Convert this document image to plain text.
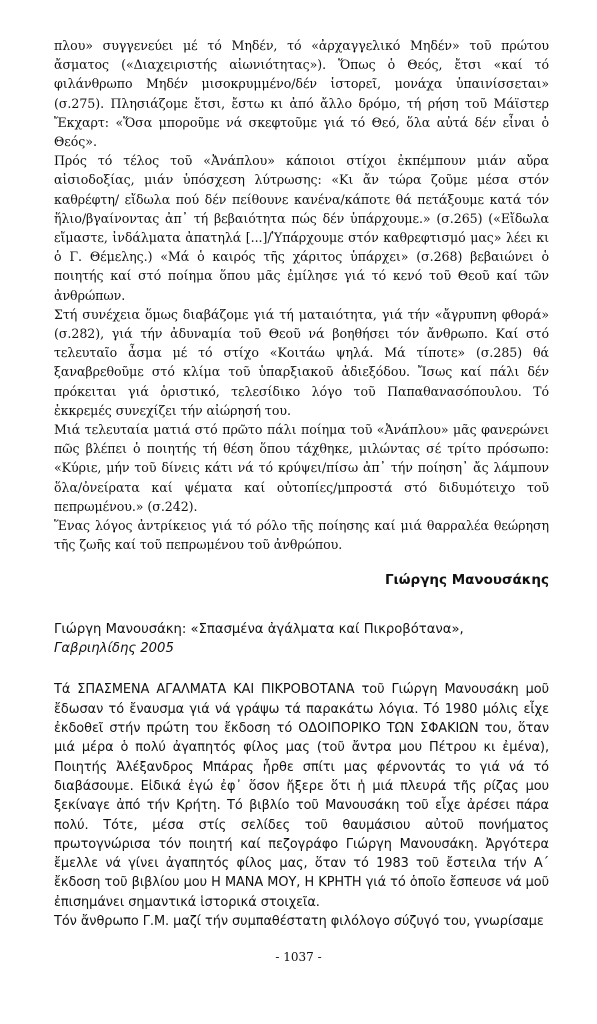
πλου» συγγενεύει μέ τό Μηδέν, τό «ἀρχαγγελικό Μηδέν» τοῦ πρώτου ἄσματος («Διαχειριστής αἰωνιότητας»). Ὅπως ὁ Θεός, ἔτσι «καί τό φιλάνθρωπο Μηδέν μισοκρυμμένο/δέν ἱστορεῖ, μονάχα ὑπαινίσσεται» (σ.275). Πλησιάζομε ἔτσι, ἔστω κι ἀπό ἄλλο δρόμο, τή ρήση τοῦ Μάϊστερ Ἔκχαρτ: «Ὅσα μποροῦμε νά σκεφτοῦμε γιά τό Θεό, ὅλα αὐτά δέν εἶναι ὁ Θεός».

Πρός τό τέλος τοῦ «Ἀνάπλου» κάποιοι στίχοι ἐκπέμπουν μιάν αὔρα αἰσιοδοξίας, μιάν ὑπόσχεση λύτρωσης: «Κι ἄν τώρα ζοῦμε μέσα στόν καθρέφτη/ εἴδωλα πού δέν πείθουνε κανένα/κάποτε θά πετάξουμε κατά τόν ἥλιο/βγαίνοντας ἀπ᾿ τή βεβαιότητα πώς δέν ὑπάρχουμε.» (σ.265) («Εἴδωλα εἴμαστε, ἰνδάλματα ἀπατηλά [...]/Ὑπάρχουμε στόν καθρεφτισμό μας» λέει κι ὁ Γ. Θέμελης.) «Μά ὁ καιρός τῆς χάριτος ὑπάρχει» (σ.268) βεβαιώνει ὁ ποιητής καί στό ποίημα ὅπου μᾶς ἐμίλησε γιά τό κενό τοῦ Θεοῦ καί τῶν ἀνθρώπων.

Στή συνέχεια ὅμως διαβάζομε γιά τή ματαιότητα, γιά τήν «ἄγρυπνη φθορά» (σ.282), γιά τήν ἀδυναμία τοῦ Θεοῦ νά βοηθήσει τόν ἄνθρωπο. Καί στό τελευταῖο ἆσμα μέ τό στίχο «Κοιτάω ψηλά. Μά τίποτε» (σ.285) θά ξαναβρεθοῦμε στό κλίμα τοῦ ὑπαρξιακοῦ ἀδιεξόδου. Ἴσως καί πάλι δέν πρόκειται γιά ὁριστικό, τελεσίδικο λόγο τοῦ Παπαθανασόπουλου. Τό ἐκκρεμές συνεχίζει τήν αἰώρησή του.

Μιά τελευταία ματιά στό πρῶτο πάλι ποίημα τοῦ «Ἀνάπλου» μᾶς φανερώνει πῶς βλέπει ὁ ποιητής τή θέση ὅπου τάχθηκε, μιλώντας σέ τρίτο πρόσωπο: «Κύριε, μήν τοῦ δίνεις κάτι νά τό κρύψει/πίσω ἀπ᾿ τήν ποίηση᾿ ἄς λάμπουν ὅλα/ὀνείρατα καί ψέματα καί οὐτοπίες/μπροστά στό διδυμότειχο τοῦ πεπρωμένου.» (σ.242).

Ἕνας λόγος ἀντρίκειος γιά τό ρόλο τῆς ποίησης καί μιά θαρραλέα θεώρηση τῆς ζωῆς καί τοῦ πεπρωμένου τοῦ ἀνθρώπου.

Γιώργης Μανουσάκης

Γιώργη Μανουσάκη: «Σπασμένα ἀγάλματα καί Πικροβότανα», Γαβριηλίδης 2005

Τά ΣΠΑΣΜΕΝΑ ΑΓΑΛΜΑΤΑ ΚΑΙ ΠΙΚΡΟΒΟΤΑΝΑ τοῦ Γιώργη Μανουσάκη μοῦ ἔδωσαν τό ἔναυσμα γιά νά γράψω τά παρακάτω λόγια. Τό 1980 μόλις εἶχε ἐκδοθεῖ στήν πρώτη του ἔκδοση τό ΟΔΟΙΠΟΡΙΚΟ ΤΩΝ ΣΦΑΚΙΩΝ του, ὅταν μιά μέρα ὁ πολύ ἀγαπητός φίλος μας (τοῦ ἄντρα μου Πέτρου κι ἐμένα), Ποιητής Ἀλέξανδρος Μπάρας ἦρθε σπίτι μας φέρνοντάς το γιά νά τό διαβάσουμε. Εἰδικά ἐγώ ἐφ᾿ ὅσον ἤξερε ὅτι ἡ μιά πλευρά τῆς ρίζας μου ξεκίναγε ἀπό τήν Κρήτη. Τό βιβλίο τοῦ Μανουσάκη τοῦ εἶχε ἀρέσει πάρα πολύ. Τότε, μέσα στίς σελίδες τοῦ θαυμάσιου αὐτοῦ πονήματος πρωτογνώρισα τόν ποιητή καί πεζογράφο Γιώργη Μανουσάκη. Ἀργότερα ἔμελλε νά γίνει ἀγαπητός φίλος μας, ὅταν τό 1983 τοῦ ἔστειλα τήν Α΄ ἔκδοση τοῦ βιβλίου μου Η ΜΑΝΑ ΜΟΥ, Η ΚΡΗΤΗ γιά τό ὁποῖο ἔσπευσε νά μοῦ ἐπισημάνει σημαντικά ἱστορικά στοιχεῖα.

Τόν ἄνθρωπο Γ.Μ. μαζί τήν συμπαθέστατη φιλόλογο σύζυγό του, γνωρίσαμε

- 1037 -
